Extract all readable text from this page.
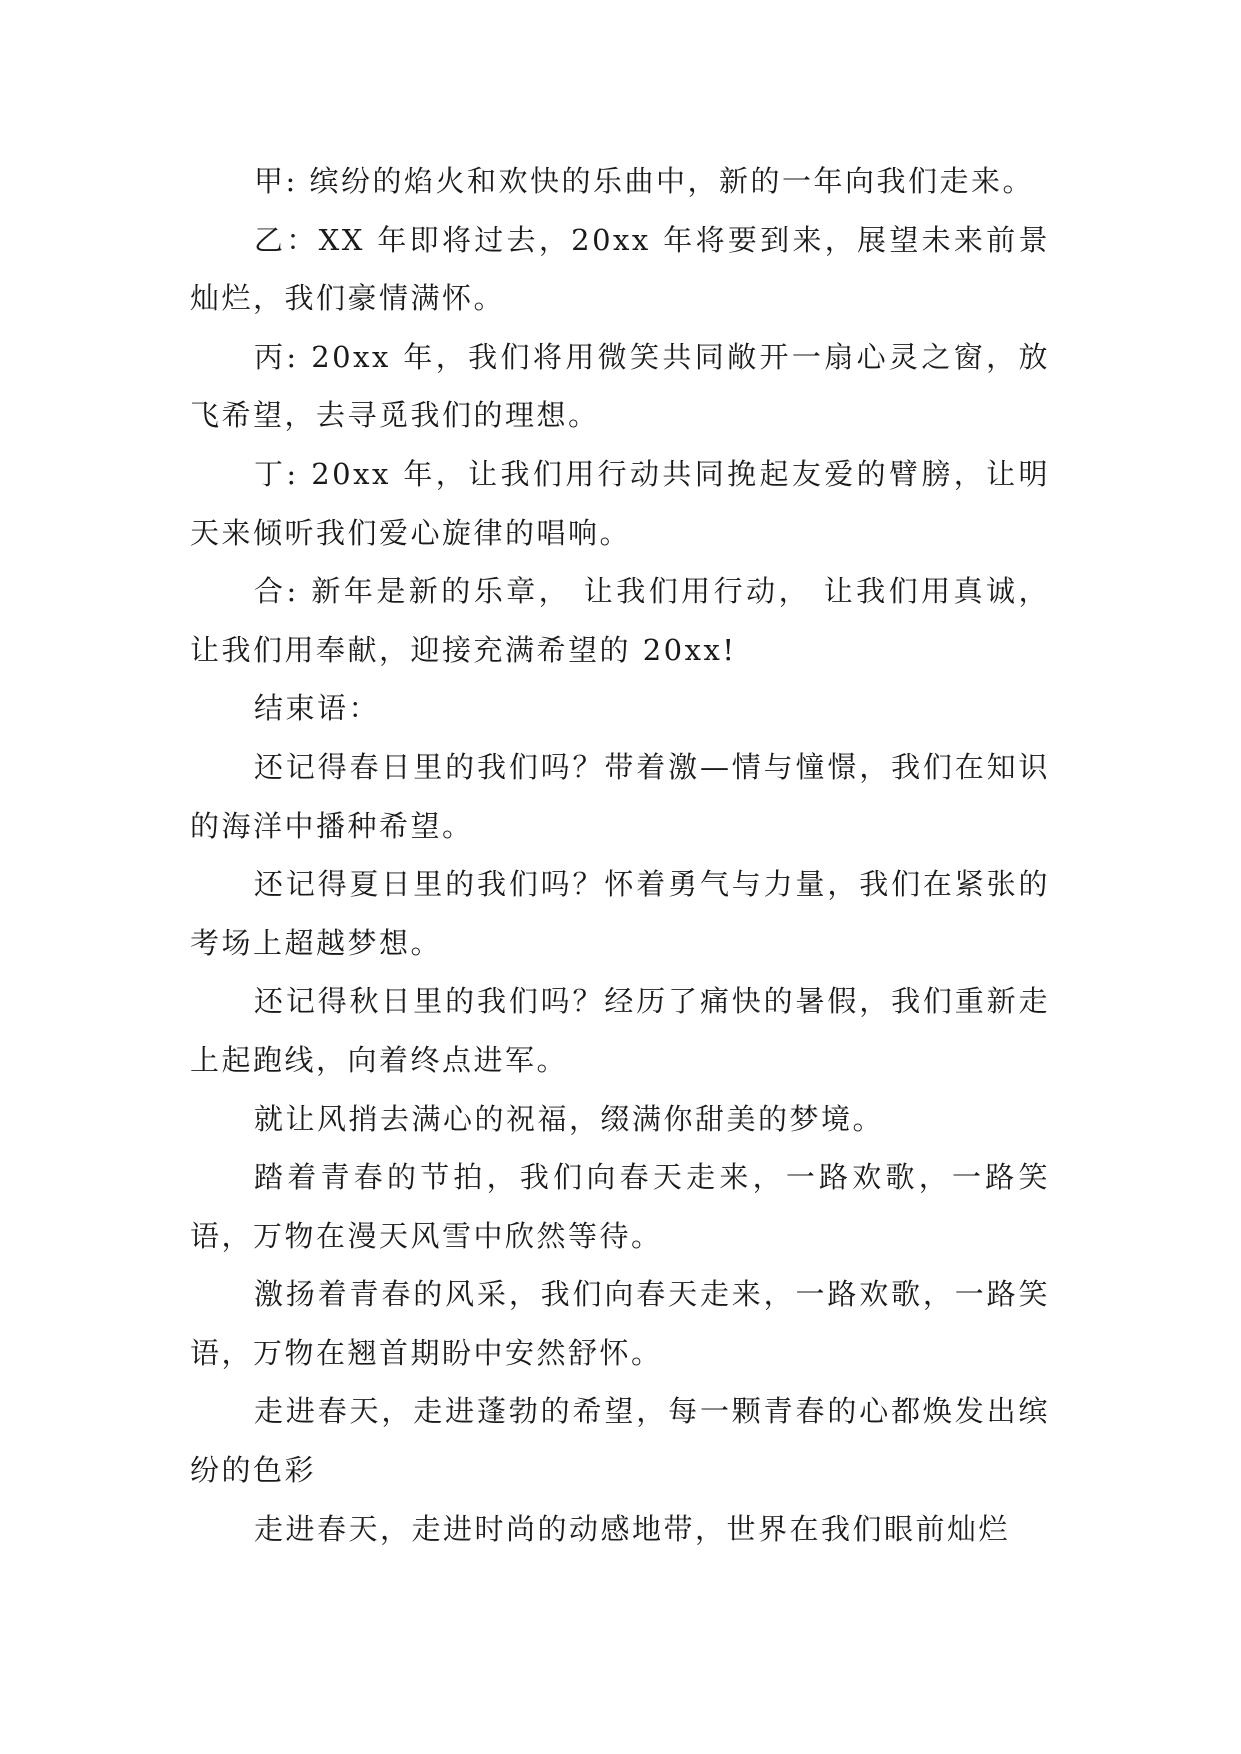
甲: 缤纷的焰火和欢快的乐曲中，新的一年向我们走来。

乙：XX 年即将过去，20xx 年将要到来，展望未来前景灿烂，我们豪情满怀。

丙: 20xx 年，我们将用微笑共同敞开一扇心灵之窗，放飞希望，去寻觅我们的理想。

丁: 20xx 年，让我们用行动共同挽起友爱的臂膀，让明天来倾听我们爱心旋律的唱响。

合: 新年是新的乐章， 让我们用行动， 让我们用真诚，让我们用奉献，迎接充满希望的 20xx!

结束语：

还记得春日里的我们吗？带着激—情与憧憬，我们在知识的海洋中播种希望。

还记得夏日里的我们吗？怀着勇气与力量，我们在紧张的考场上超越梦想。

还记得秋日里的我们吗？经历了痛快的暑假，我们重新走上起跑线，向着终点进军。

就让风捎去满心的祝福，缀满你甜美的梦境。

踏着青春的节拍，我们向春天走来，一路欢歌，一路笑语，万物在漫天风雪中欣然等待。

激扬着青春的风采，我们向春天走来，一路欢歌，一路笑语，万物在翘首期盼中安然舒怀。

走进春天，走进蓬勃的希望，每一颗青春的心都焕发出缤纷的色彩

走进春天，走进时尚的动感地带，世界在我们眼前灿烂
